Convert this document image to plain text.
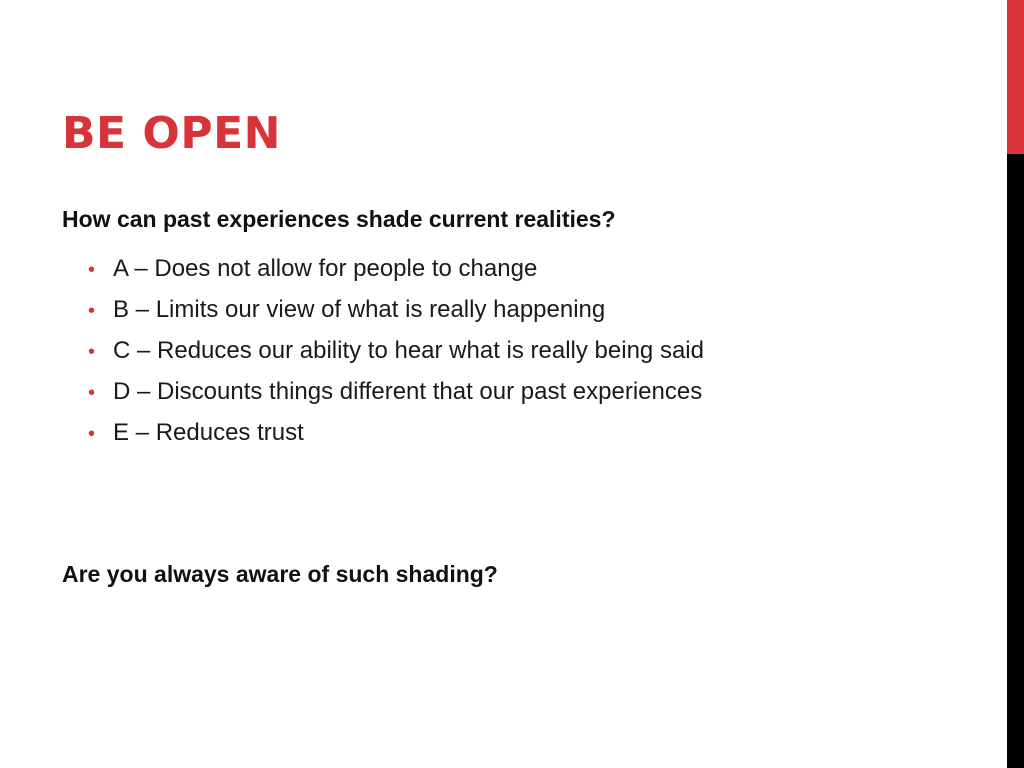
BE OPEN

How can past experiences shade current realities?

• A – Does not allow for people to change
• B – Limits our view of what is really happening
• C – Reduces our ability to hear what is really being said
• D – Discounts things different that our past experiences
• E – Reduces trust

Are you always aware of such shading?
